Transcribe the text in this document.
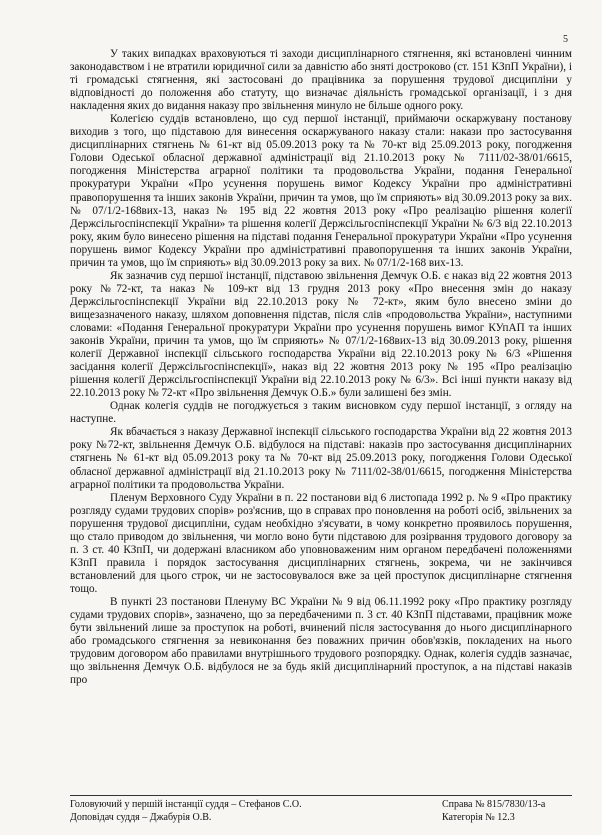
5

У таких випадках враховуються ті заходи дисциплінарного стягнення, які встановлені чинним законодавством і не втратили юридичної сили за давністю або зняті достроково (ст. 151 КЗпП України), і ті громадські стягнення, які застосовані до працівника за порушення трудової дисципліни у відповідності до положення або статуту, що визначає діяльність громадської організації, і з дня накладення яких до видання наказу про звільнення минуло не більше одного року.

Колегією суддів встановлено, що суд першої інстанції, приймаючи оскаржувану постанову виходив з того, що підставою для винесення оскаржуваного наказу стали: накази про застосування дисциплінарних стягнень № 61-кт від 05.09.2013 року та № 70-кт від 25.09.2013 року, погодження Голови Одеської обласної державної адміністрації від 21.10.2013 року № 7111/02-38/01/6615, погодження Міністерства аграрної політики та продовольства України, подання Генеральної прокуратури України «Про усунення порушень вимог Кодексу України про адміністративні правопорушення та інших законів України, причин та умов, що їм сприяють» від 30.09.2013 року за вих. № 07/1/2-168вих-13, наказ № 195 від 22 жовтня 2013 року «Про реалізацію рішення колегії Держсільгоспінспекції України» та рішення колегії Держсільгоспінспекції України № 6/3 від 22.10.2013 року, яким було винесено рішення на підставі подання Генеральної прокуратури України «Про усунення порушень вимог Кодексу України про адміністративні правопорушення та інших законів України, причин та умов, що їм сприяють» від 30.09.2013 року за вих. № 07/1/2-168 вих-13.

Як зазначив суд першої інстанції, підставою звільнення Демчук О.Б. є наказ від 22 жовтня 2013 року №72-кт, та наказ № 109-кт від 13 грудня 2013 року «Про внесення змін до наказу Держсільгоспінспекції України від 22.10.2013 року № 72-кт», яким було внесено зміни до вищезазначеного наказу, шляхом доповнення підстав, після слів «продовольства України», наступними словами: «Подання Генеральної прокуратури України про усунення порушень вимог КУпАП та інших законів України, причин та умов, що їм сприяють» № 07/1/2-168вих-13 від 30.09.2013 року, рішення колегії Державної інспекції сільського господарства України від 22.10.2013 року № 6/3 «Рішення засідання колегії Держсільгоспінспекції», наказ від 22 жовтня 2013 року № 195 «Про реалізацію рішення колегії Держсільгоспінспекції України від 22.10.2013 року № 6/3». Всі інші пункти наказу від 22.10.2013 року № 72-кт «Про звільнення Демчук О.Б.» були залишені без змін.

Однак колегія суддів не погоджується з таким висновком суду першої інстанції, з огляду на наступне.

Як вбачається з наказу Державної інспекції сільського господарства України від 22 жовтня 2013 року №72-кт, звільнення Демчук О.Б. відбулося на підставі: наказів про застосування дисциплінарних стягнень № 61-кт від 05.09.2013 року та № 70-кт від 25.09.2013 року, погодження Голови Одеської обласної державної адміністрації від 21.10.2013 року № 7111/02-38/01/6615, погодження Міністерства аграрної політики та продовольства України.

Пленум Верховного Суду України в п. 22 постанови від 6 листопада 1992 р. № 9 «Про практику розгляду судами трудових спорів» роз'яснив, що в справах про поновлення на роботі осіб, звільнених за порушення трудової дисципліни, судам необхідно з'ясувати, в чому конкретно проявилось порушення, що стало приводом до звільнення, чи могло воно бути підставою для розірвання трудового договору за п. 3 ст. 40 КЗпП, чи додержані власником або уповноваженим ним органом передбачені положеннями КЗпП правила і порядок застосування дисциплінарних стягнень, зокрема, чи не закінчився встановлений для цього строк, чи не застосовувалося вже за цей проступок дисциплінарне стягнення тощо.

В пункті 23 постанови Пленуму ВС України № 9 від 06.11.1992 року «Про практику розгляду судами трудових спорів», зазначено, що за передбаченими п. 3 ст. 40 КЗпП підставами, працівник може бути звільнений лише за проступок на роботі, вчинений після застосування до нього дисциплінарного або громадського стягнення за невиконання без поважних причин обов'язків, покладених на нього трудовим договором або правилами внутрішнього трудового розпорядку. Однак, колегія суддів зазначає, що звільнення Демчук О.Б. відбулося не за будь якій дисциплінарний проступок, а на підставі наказів про

Головуючий у першій інстанції суддя – Стефанов С.О.
Доповідач суддя – Джабурія О.В.
Справа № 815/7830/13-а
Категорія № 12.3
